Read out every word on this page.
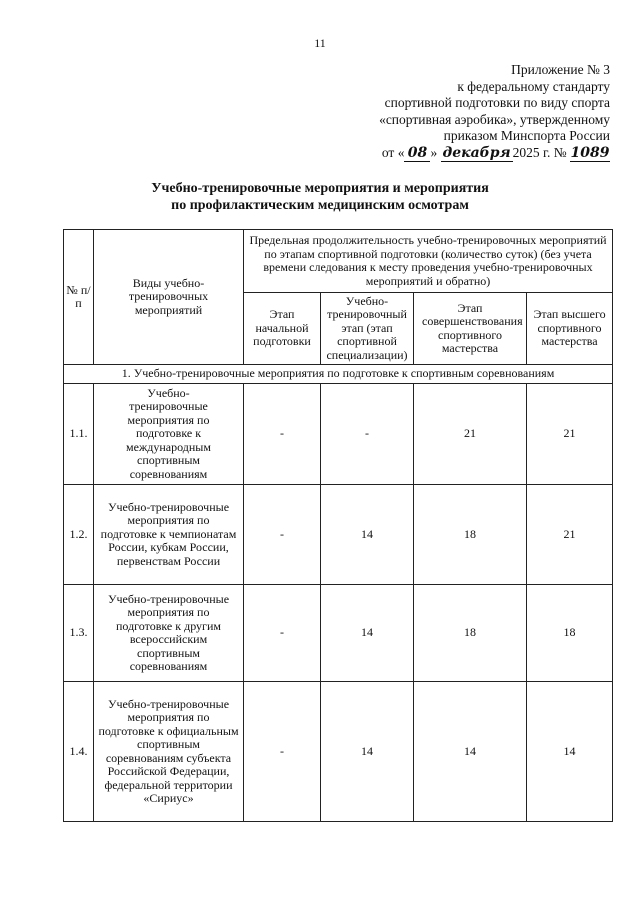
11
Приложение № 3
к федеральному стандарту
спортивной подготовки по виду спорта
«спортивная аэробика», утвержденному
приказом Минспорта России
от « 08 »
декабря 2025 г. №
1089
Учебно-тренировочные мероприятия и мероприятия
по профилактическим медицинским осмотрам
№ п/п	Виды учебно-тренировочных мероприятий	Предельная продолжительность учебно-тренировочных мероприятий по этапам спортивной подготовки (количество суток) (без учета времени следования к месту проведения учебно-тренировочных мероприятий и обратно)			
		Этап начальной подготовки	Учебно-тренировочный этап (этап спортивной специализации)	Этап совершенствования спортивного мастерства	Этап высшего спортивного мастерства
1. Учебно-тренировочные мероприятия по подготовке к спортивным соревнованиям					
1.1.	Учебно-тренировочные мероприятия по подготовке к международным спортивным соревнованиям	-	-	21	21
1.2.	Учебно-тренировочные мероприятия по подготовке к чемпионатам России, кубкам России, первенствам России	-	14	18	21
1.3.	Учебно-тренировочные мероприятия по подготовке к другим всероссийским спортивным соревнованиям	-	14	18	18
1.4.	Учебно-тренировочные мероприятия по подготовке к официальным спортивным соревнованиям субъекта Российской Федерации, федеральной территории «Сириус»	-	14	14	14
